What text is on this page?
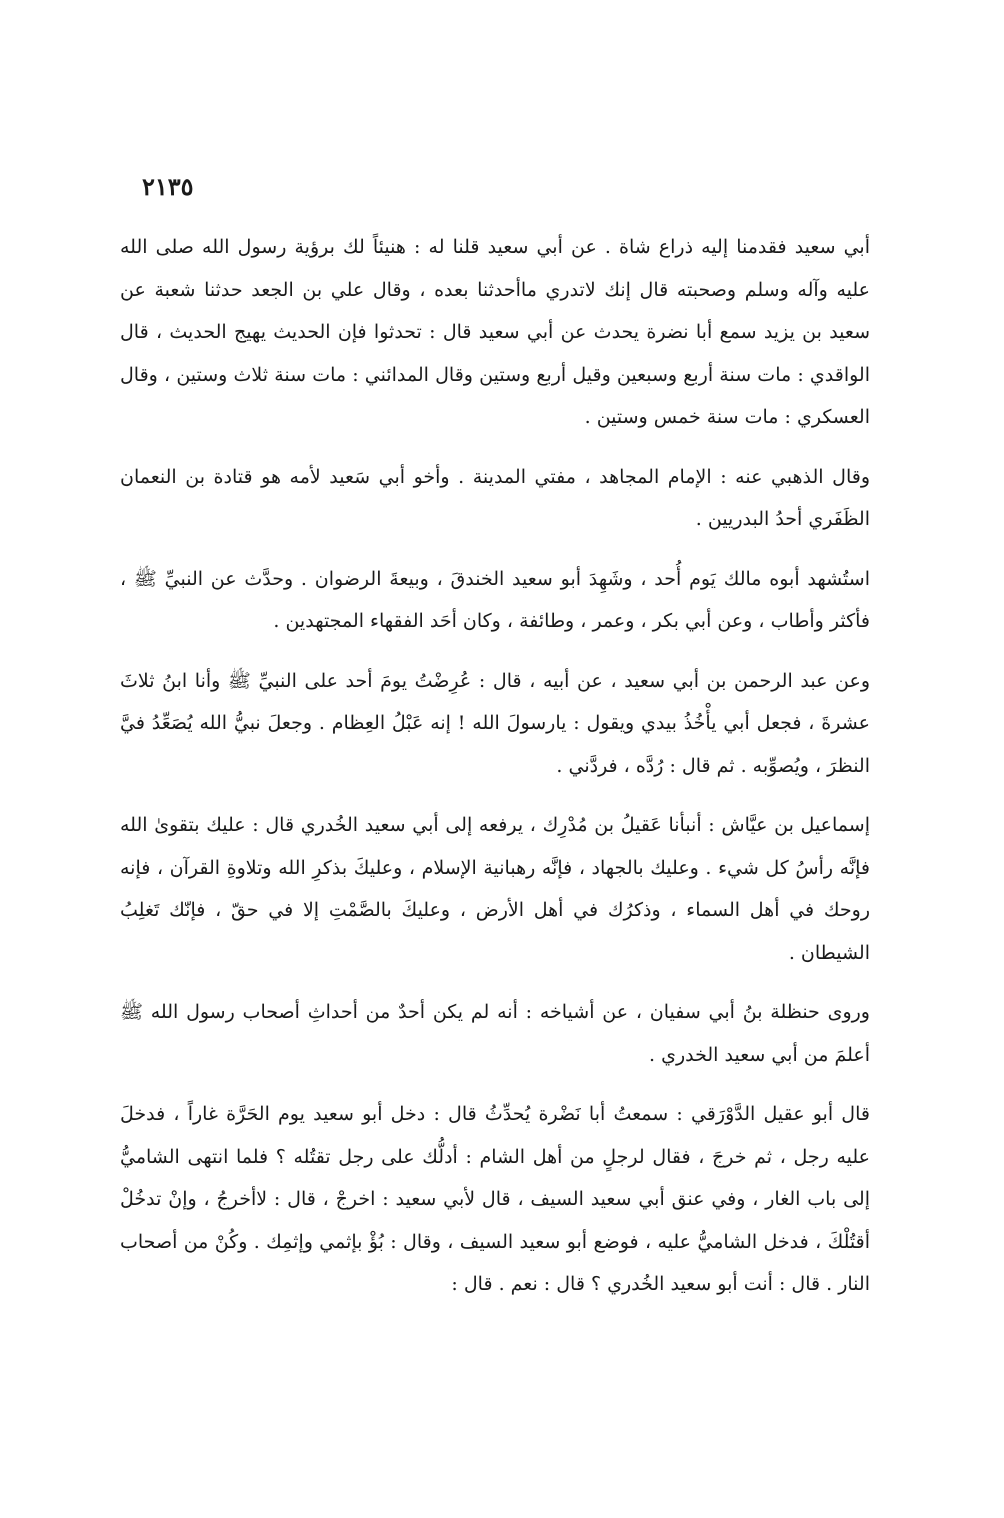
٢١٣٥

أبي سعيد فقدمنا إليه ذراع شاة . عن أبي سعيد قلنا له : هنيئاً لك برؤية رسول الله صلى الله عليه وآله وسلم وصحبته قال إنك لاتدري ماأحدثنا بعده ، وقال علي بن الجعد حدثنا شعبة عن سعيد بن يزيد سمع أبا نضرة يحدث عن أبي سعيد قال : تحدثوا فإن الحديث يهيج الحديث ، قال الواقدي : مات سنة أربع وسبعين وقيل أربع وستين وقال المدائني : مات سنة ثلاث وستين ، وقال العسكري : مات سنة خمس وستين .

وقال الذهبي عنه : الإمام المجاهد ، مفتي المدينة . وأخو أبي سَعيد لأمه هو قتادة بن النعمان الظَفَري أحدُ البدريين .

استُشهد أبوه مالك يَوم أُحد ، وشَهِدَ أبو سعيد الخندقَ ، وبيعةَ الرضوان . وحدَّث عن النبيِّ ﷺ ، فأكثر وأطاب ، وعن أبي بكر ، وعمر ، وطائفة ، وكان أحَد الفقهاء المجتهدين .

وعن عبد الرحمن بن أبي سعيد ، عن أبيه ، قال : عُرِضْتُ يومَ أحد على النبيِّ ﷺ وأنا ابنُ ثلاثَ عشرةَ ، فجعل أبي يأْخُذُ بيدي ويقول : يارسولَ الله ! إنه عَبْلُ العِظام . وجعلَ نبيُّ الله يُصَعِّدُ فيَّ النظرَ ، ويُصوِّبه . ثم قال : رُدَّه ، فردَّني .

إسماعيل بن عيَّاش : أنبأنا عَقيلُ بن مُدْرِك ، يرفعه إلى أبي سعيد الخُدري قال : عليك بتقوىٰ الله فإنَّه رأسُ كل شيء . وعليك بالجهاد ، فإنَّه رهبانية الإسلام ، وعليكَ بذكرِ الله وتلاوةِ القرآن ، فإنه روحك في أهل السماء ، وذكرُك في أهل الأرض ، وعليكَ بالصَّمْتِ إلا في حقّ ، فإنّك تَغلِبُ الشيطان .

وروى حنظلة بنُ أبي سفيان ، عن أشياخه : أنه لم يكن أحدٌ من أحداثِ أصحاب رسول الله ﷺ أعلمَ من أبي سعيد الخدري .

قال أبو عقيل الدَّوْرَقي : سمعتُ أبا نَضْرة يُحدِّثُ قال : دخل أبو سعيد يوم الحَرَّة غاراً ، فدخلَ عليه رجل ، ثم خرجَ ، فقال لرجلٍ من أهل الشام : أدلُّك على رجل تقتُله ؟ فلما انتهى الشاميُّ إلى باب الغار ، وفي عنق أبي سعيد السيف ، قال لأبي سعيد : اخرجْ ، قال : لاأخرجُ ، وإنْ تدخُلْ أقتُلْكَ ، فدخل الشاميُّ عليه ، فوضع أبو سعيد السيف ، وقال : بُؤْ بإثمي وإثمِك . وكُنْ من أصحاب النار . قال : أنت أبو سعيد الخُدري ؟ قال : نعم . قال :
